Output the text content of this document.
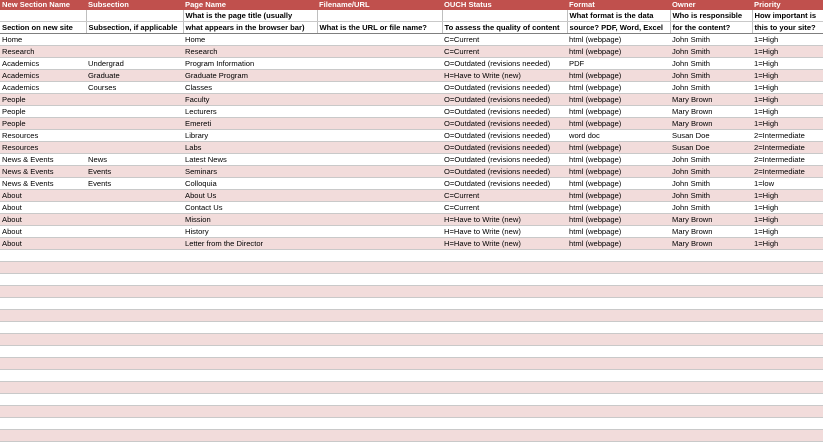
New Section Name	Subsection	Page Name	Filename/URL	OUCH Status	Format	Owner	Priority
		What is the page title (usually			What format is the data	Who is responsible	How important is
Section on new site	Subsection, if applicable	what appears in the browser bar)	What is the URL or file name?	To assess the quality of content	source? PDF, Word, Excel	for the content?	this to your site?
Home		Home		C=Current	html (webpage)	John Smith	1=High
Research		Research		C=Current	html (webpage)	John Smith	1=High
Academics	Undergrad	Program Information		O=Outdated (revisions needed)	PDF	John Smith	1=High
Academics	Graduate	Graduate Program		H=Have to Write (new)	html (webpage)	John Smith	1=High
Academics	Courses	Classes		O=Outdated (revisions needed)	html (webpage)	John Smith	1=High
People		Faculty		O=Outdated (revisions needed)	html (webpage)	Mary Brown	1=High
People		Lecturers		O=Outdated (revisions needed)	html (webpage)	Mary Brown	1=High
People		Emereti		O=Outdated (revisions needed)	html (webpage)	Mary Brown	1=High
Resources		Library		O=Outdated (revisions needed)	word doc	Susan Doe	2=Intermediate
Resources		Labs		O=Outdated (revisions needed)	html (webpage)	Susan Doe	2=Intermediate
News & Events	News	Latest News		O=Outdated (revisions needed)	html (webpage)	John Smith	2=Intermediate
News & Events	Events	Seminars		O=Outdated (revisions needed)	html (webpage)	John Smith	2=Intermediate
News & Events	Events	Colloquia		O=Outdated (revisions needed)	html (webpage)	John Smith	1=low
About		About Us		C=Current	html (webpage)	John Smith	1=High
About		Contact Us		C=Current	html (webpage)	John Smith	1=High
About		Mission		H=Have to Write (new)	html (webpage)	Mary Brown	1=High
About		History		H=Have to Write (new)	html (webpage)	Mary Brown	1=High
About		Letter from the Director		H=Have to Write (new)	html (webpage)	Mary Brown	1=High
